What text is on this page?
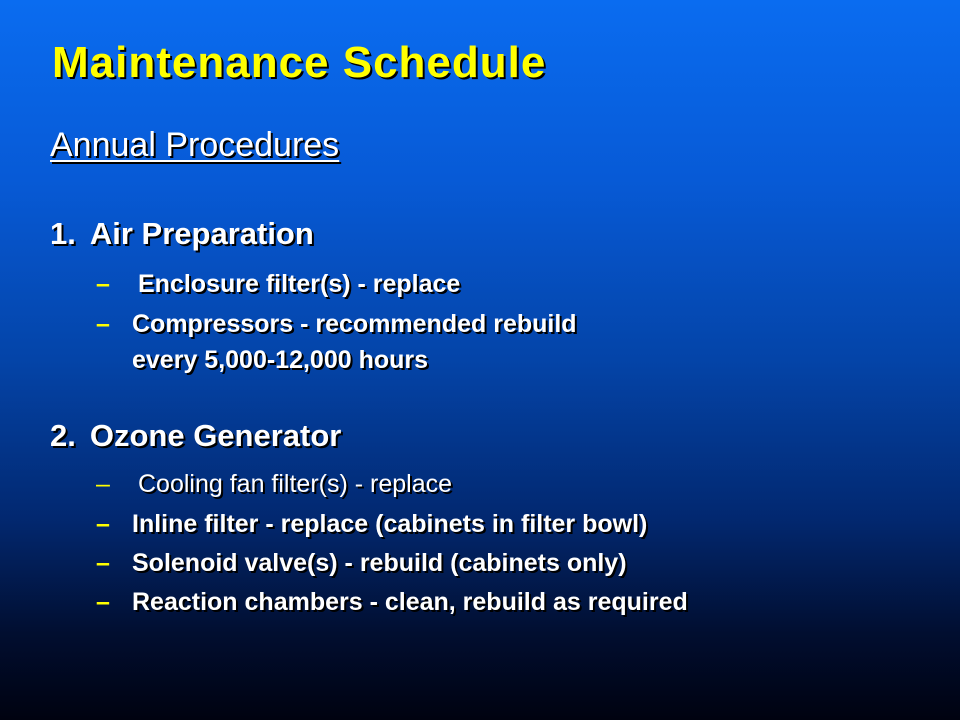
Maintenance Schedule
Annual Procedures
1. Air Preparation
– Enclosure filter(s) - replace
– Compressors - recommended rebuild
every 5,000-12,000 hours
2. Ozone Generator
– Cooling fan filter(s) - replace
– Inline filter - replace (cabinets in filter bowl)
– Solenoid valve(s) - rebuild (cabinets only)
– Reaction chambers - clean, rebuild as required
